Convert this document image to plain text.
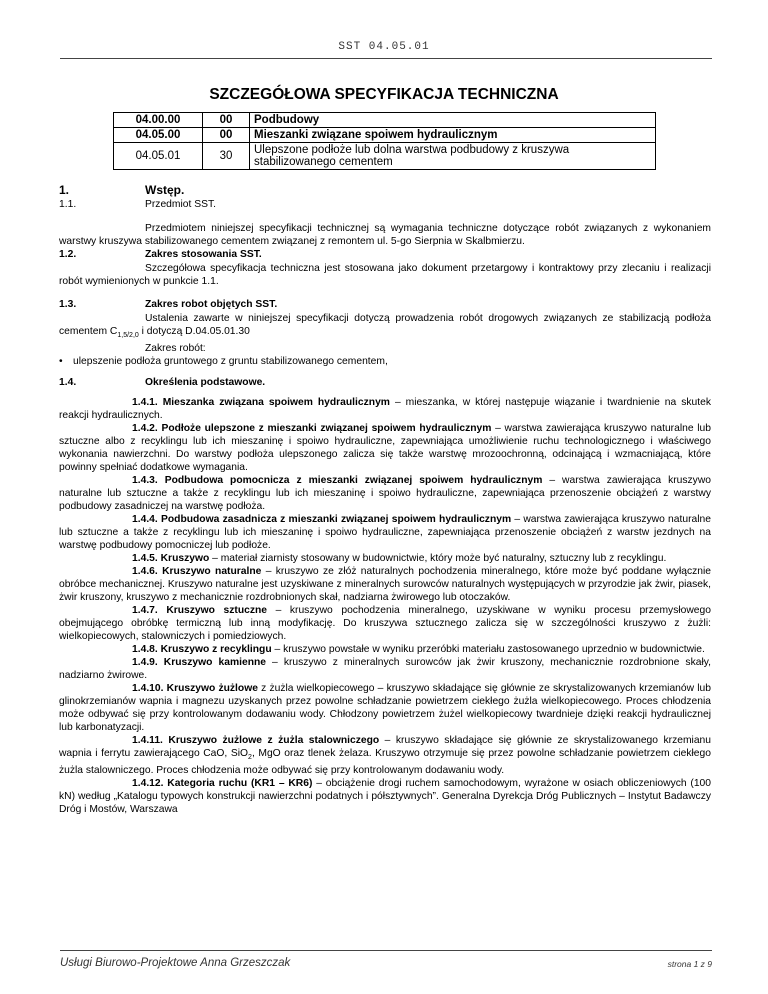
SST 04.05.01
SZCZEGÓŁOWA SPECYFIKACJA TECHNICZNA
04.00.00	00	Podbudowy
04.05.00	00	Mieszanki związane spoiwem hydraulicznym
04.05.01	30	Ulepszone podłoże lub dolna warstwa podbudowy z kruszywa stabilizowanego cementem
1.	Wstęp.
1.1.	Przedmiot SST.

Przedmiotem niniejszej specyfikacji technicznej są wymagania techniczne dotyczące robót związanych z wykonaniem warstwy kruszywa stabilizowanego cementem związanej z remontem ul. 5-go Sierpnia w Skalbmierzu.

1.2.	Zakres stosowania SST.

Szczegółowa specyfikacja techniczna jest stosowana jako dokument przetargowy i kontraktowy przy zlecaniu i realizacji robót wymienionych w punkcie 1.1.

1.3.	Zakres robot objętych SST.

Ustalenia zawarte w niniejszej specyfikacji dotyczą prowadzenia robót drogowych związanych ze stabilizacją podłoża cementem $C_{1,5/2,0}$ i dotyczą D.04.05.01.30

Zakres robót:
•	ulepszenie podłoża gruntowego z gruntu stabilizowanego cementem,
1.4.	Określenia podstawowe.

1.4.1. Mieszanka związana spoiwem hydraulicznym – mieszanka, w której następuje wiązanie i twardnienie na skutek reakcji hydraulicznych.

1.4.2. Podłoże ulepszone z mieszanki związanej spoiwem hydraulicznym – warstwa zawierająca kruszywo naturalne lub sztuczne albo z recyklingu lub ich mieszaninę i spoiwo hydrauliczne, zapewniająca umożliwienie ruchu technologicznego i właściwego wykonania nawierzchni. Do warstwy podłoża ulepszonego zalicza się także warstwę mrozoochronną, odcinającą i wzmacniającą, które powinny spełniać dodatkowe wymagania.

1.4.3. Podbudowa pomocnicza z mieszanki związanej spoiwem hydraulicznym – warstwa zawierająca kruszywo naturalne lub sztuczne a także z recyklingu lub ich mieszaninę i spoiwo hydrauliczne, zapewniająca przenoszenie obciążeń z warstwy podbudowy zasadniczej na warstwę podłoża.

1.4.4. Podbudowa zasadnicza z mieszanki związanej spoiwem hydraulicznym – warstwa zawierająca kruszywo naturalne lub sztuczne a także z recyklingu lub ich mieszaninę i spoiwo hydrauliczne, zapewniająca przenoszenie obciążeń z warstw jezdnych na warstwę podbudowy pomocniczej lub podłoże.

1.4.5. Kruszywo – materiał ziarnisty stosowany w budownictwie, który może być naturalny, sztuczny lub z recyklingu.

1.4.6. Kruszywo naturalne – kruszywo ze złóż naturalnych pochodzenia mineralnego, które może być poddane wyłącznie obróbce mechanicznej. Kruszywo naturalne jest uzyskiwane z mineralnych surowców naturalnych występujących w przyrodzie jak żwir, piasek, żwir kruszony, kruszywo z mechanicznie rozdrobnionych skał, nadziarna żwirowego lub otoczaków.

1.4.7. Kruszywo sztuczne – kruszywo pochodzenia mineralnego, uzyskiwane w wyniku procesu przemysłowego obejmującego obróbkę termiczną lub inną modyfikację. Do kruszywa sztucznego zalicza się w szczególności kruszywo z żużli: wielkopiecowych, stalowniczych i pomiedziowych.

1.4.8. Kruszywo z recyklingu – kruszywo powstałe w wyniku przeróbki materiału zastosowanego uprzednio w budownictwie.

1.4.9. Kruszywo kamienne – kruszywo z mineralnych surowców jak żwir kruszony, mechanicznie rozdrobnione skały, nadziarno żwirowe.

1.4.10. Kruszywo żużlowe z żużla wielkopiecowego – kruszywo składające się głównie ze skrystalizowanych krzemianów lub glinokrzemianów wapnia i magnezu uzyskanych przez powolne schładzanie powietrzem ciekłego żużla wielkopiecowego. Proces chłodzenia może odbywać się przy kontrolowanym dodawaniu wody. Chłodzony powietrzem żużel wielkopiecowy twardnieje dzięki reakcji hydraulicznej lub karbonatyzacji.

1.4.11. Kruszywo żużlowe z żużla stalowniczego – kruszywo składające się głównie ze skrystalizowanego krzemianu wapnia i ferrytu zawierającego CaO, SiO$_2$, MgO oraz tlenek żelaza. Kruszywo otrzymuje się przez powolne schładzanie powietrzem ciekłego żużla stalowniczego. Proces chłodzenia może odbywać się przy kontrolowanym dodawaniu wody.

1.4.12. Kategoria ruchu (KR1 – KR6) – obciążenie drogi ruchem samochodowym, wyrażone w osiach obliczeniowych (100 kN) według „Katalogu typowych konstrukcji nawierzchni podatnych i półsztywnych”. Generalna Dyrekcja Dróg Publicznych – Instytut Badawczy Dróg i Mostów, Warszawa

Usługi Biurowo-Projektowe Anna Grzeszczak	strona 1 z 9
